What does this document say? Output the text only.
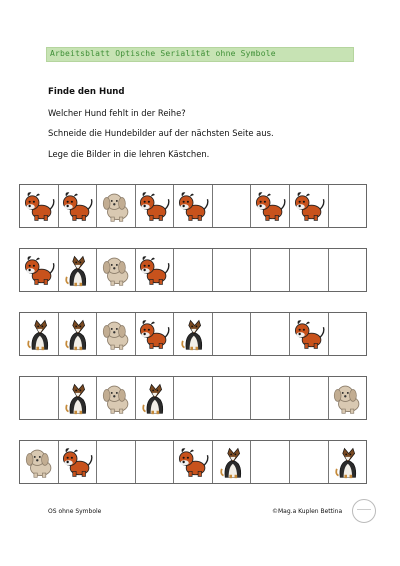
Arbeitsblatt Optische Serialität ohne Symbole
Finde den Hund
Welcher Hund fehlt in der Reihe?
Schneide die Hundebilder auf der nächsten Seite aus.
Lege die Bilder in die lehren Kästchen.
OS ohne Symbole	©Mag.a Kuplen Bettina
